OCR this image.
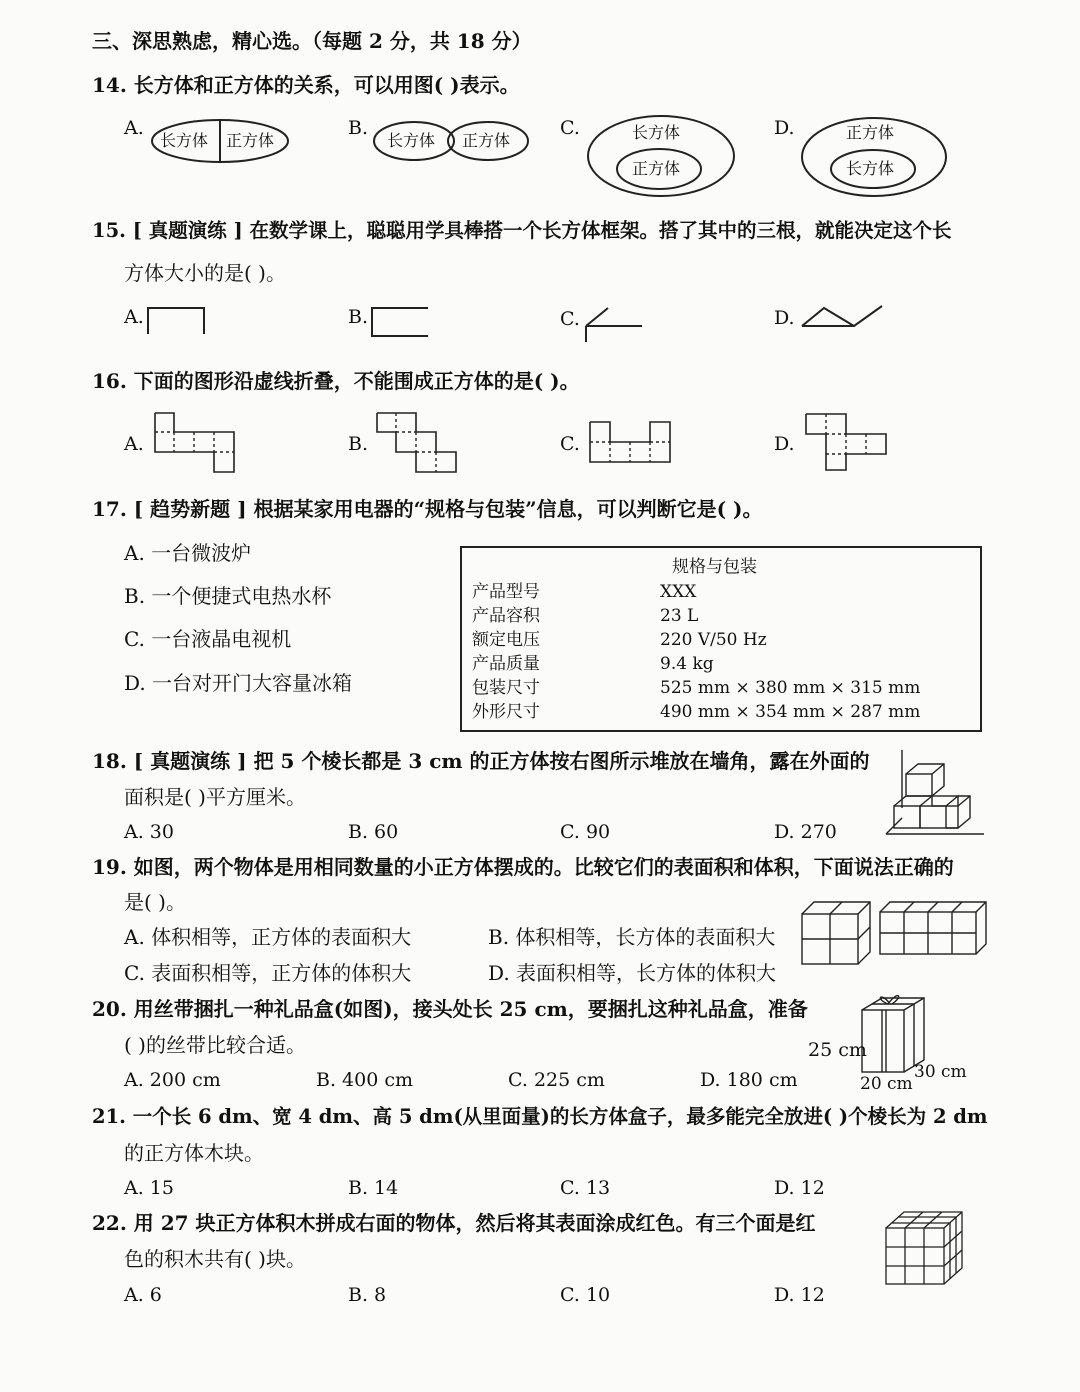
三、深思熟虑，精心选。（每题 2 分，共 18 分）
14. 长方体和正方体的关系，可以用图( )表示。
A.	B.	C.	D.
长方体 正方体	长方体 正方体	长方体
正方体
正方体
长方体
15. [ 真题演练 ] 在数学课上，聪聪用学具棒搭一个长方体框架。搭了其中的三根，就能决定这个长
方体大小的是( )。
A.	B.	C.	D.
16. 下面的图形沿虚线折叠，不能围成正方体的是( )。
A.	B.	C.	D.
17. [ 趋势新题 ] 根据某家用电器的“规格与包装”信息，可以判断它是( )。
A. 一台微波炉
B. 一个便捷式电热水杯
C. 一台液晶电视机
D. 一台对开门大容量冰箱
规格与包装
产品型号	XXX
产品容积	23 L
额定电压	220 V/50 Hz
产品质量	9.4 kg
包装尺寸	525 mm × 380 mm × 315 mm
外形尺寸	490 mm × 354 mm × 287 mm
18. [ 真题演练 ] 把 5 个棱长都是 3 cm 的正方体按右图所示堆放在墙角，露在外面的
面积是( )平方厘米。
A. 30	B. 60	C. 90	D. 270
19. 如图，两个物体是用相同数量的小正方体摆成的。比较它们的表面积和体积，下面说法正确的
是( )。
A. 体积相等，正方体的表面积大	B. 体积相等，长方体的表面积大
C. 表面积相等，正方体的体积大	D. 表面积相等，长方体的体积大
20. 用丝带捆扎一种礼品盒(如图)，接头处长 25 cm，要捆扎这种礼品盒，准备
( )的丝带比较合适。
A. 200 cm	B. 400 cm	C. 225 cm	D. 180 cm
25 cm
20 cm
30 cm
21. 一个长 6 dm、宽 4 dm、高 5 dm(从里面量)的长方体盒子，最多能完全放进( )个棱长为 2 dm
的正方体木块。
A. 15	B. 14	C. 13	D. 12
22. 用 27 块正方体积木拼成右面的物体，然后将其表面涂成红色。有三个面是红
色的积木共有( )块。
A. 6	B. 8	C. 10	D. 12
